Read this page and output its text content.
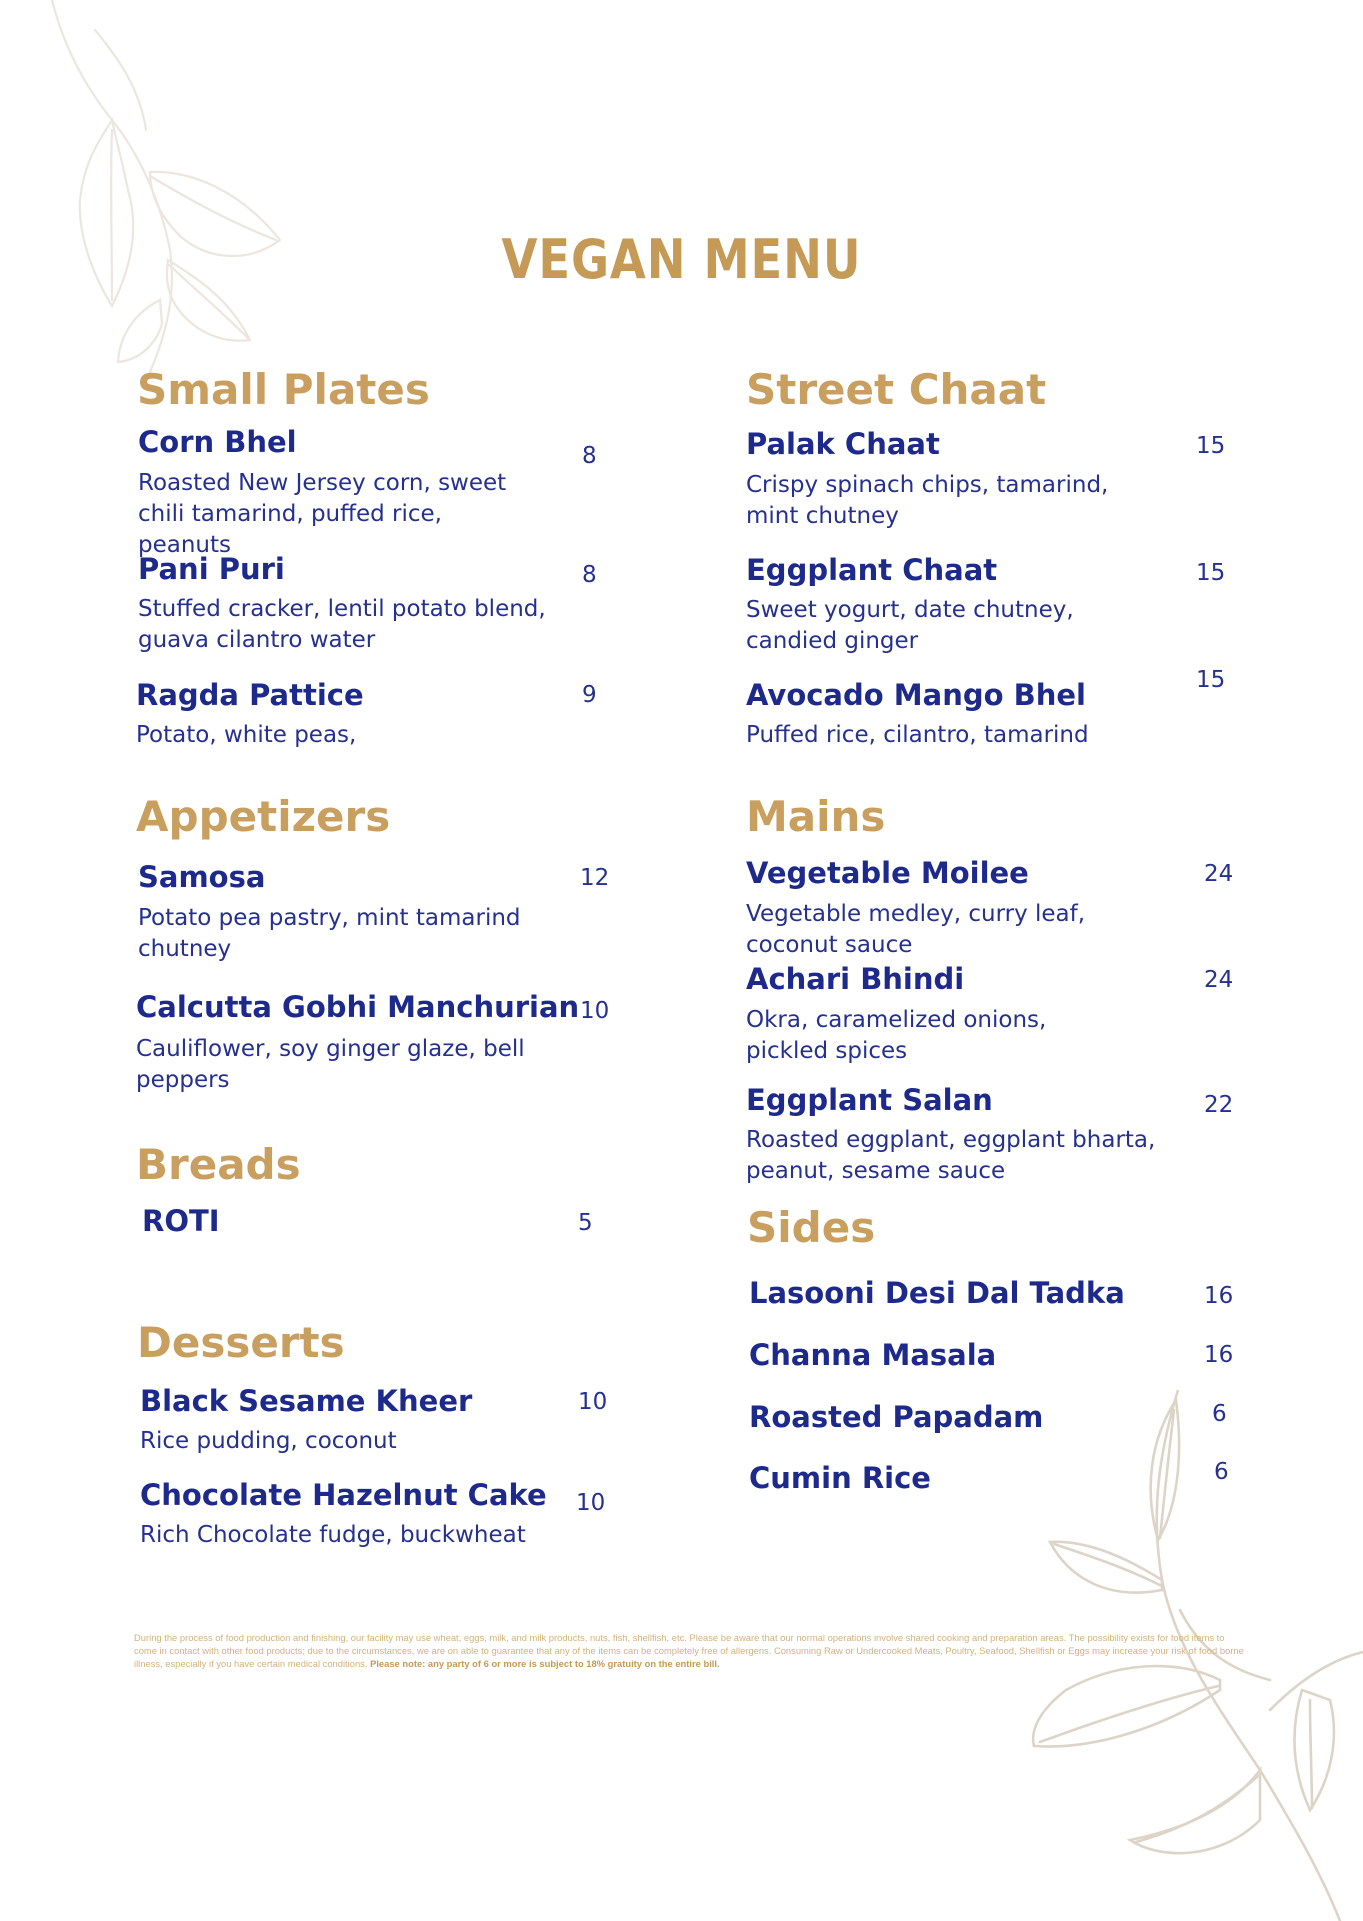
VEGAN MENU
Small Plates

Corn Bhel	8

Roasted New Jersey corn, sweet chili tamarind, puffed rice, peanuts

Pani Puri	8

Stuffed cracker, lentil potato blend, guava cilantro water

Ragda Pattice	9

Potato, white peas,

Appetizers

Samosa	12

Potato pea pastry, mint tamarind chutney

Calcutta Gobhi Manchurian 10

Cauliflower, soy ginger glaze, bell peppers

Breads

ROTI	5

Desserts

Black Sesame Kheer	10

Rice pudding, coconut

Chocolate Hazelnut Cake 10

Rich Chocolate fudge, buckwheat

Street Chaat

Palak Chaat	15

Crispy spinach chips, tamarind, mint chutney

Eggplant Chaat	15

Sweet yogurt, date chutney, candied ginger

Avocado Mango Bhel	15

Puffed rice, cilantro, tamarind

Mains

Vegetable Moilee	24

Vegetable medley, curry leaf, coconut sauce

Achari Bhindi	24

Okra, caramelized onions, pickled spices

Eggplant Salan	22

Roasted eggplant, eggplant bharta, peanut, sesame sauce

Sides

Lasooni Desi Dal Tadka	16

Channa Masala	16

Roasted Papadam	6

Cumin Rice	6

During the process of food production and finishing, our facility may use wheat, eggs, milk, and milk products, nuts, fish, shellfish, etc. Please be aware that our normal operations involve shared cooking and preparation areas. The possibility exists for food items to come in contact with other food products; due to the circumstances, we are on able to guarantee that any of the items can be completely free of allergens. Consuming Raw or Undercooked Meats, Poultry, Seafood, Shellfish or Eggs may increase your risk of food borne illness, especially if you have certain medical conditions. Please note: any party of 6 or more is subject to 18% gratuity on the entire bill.
